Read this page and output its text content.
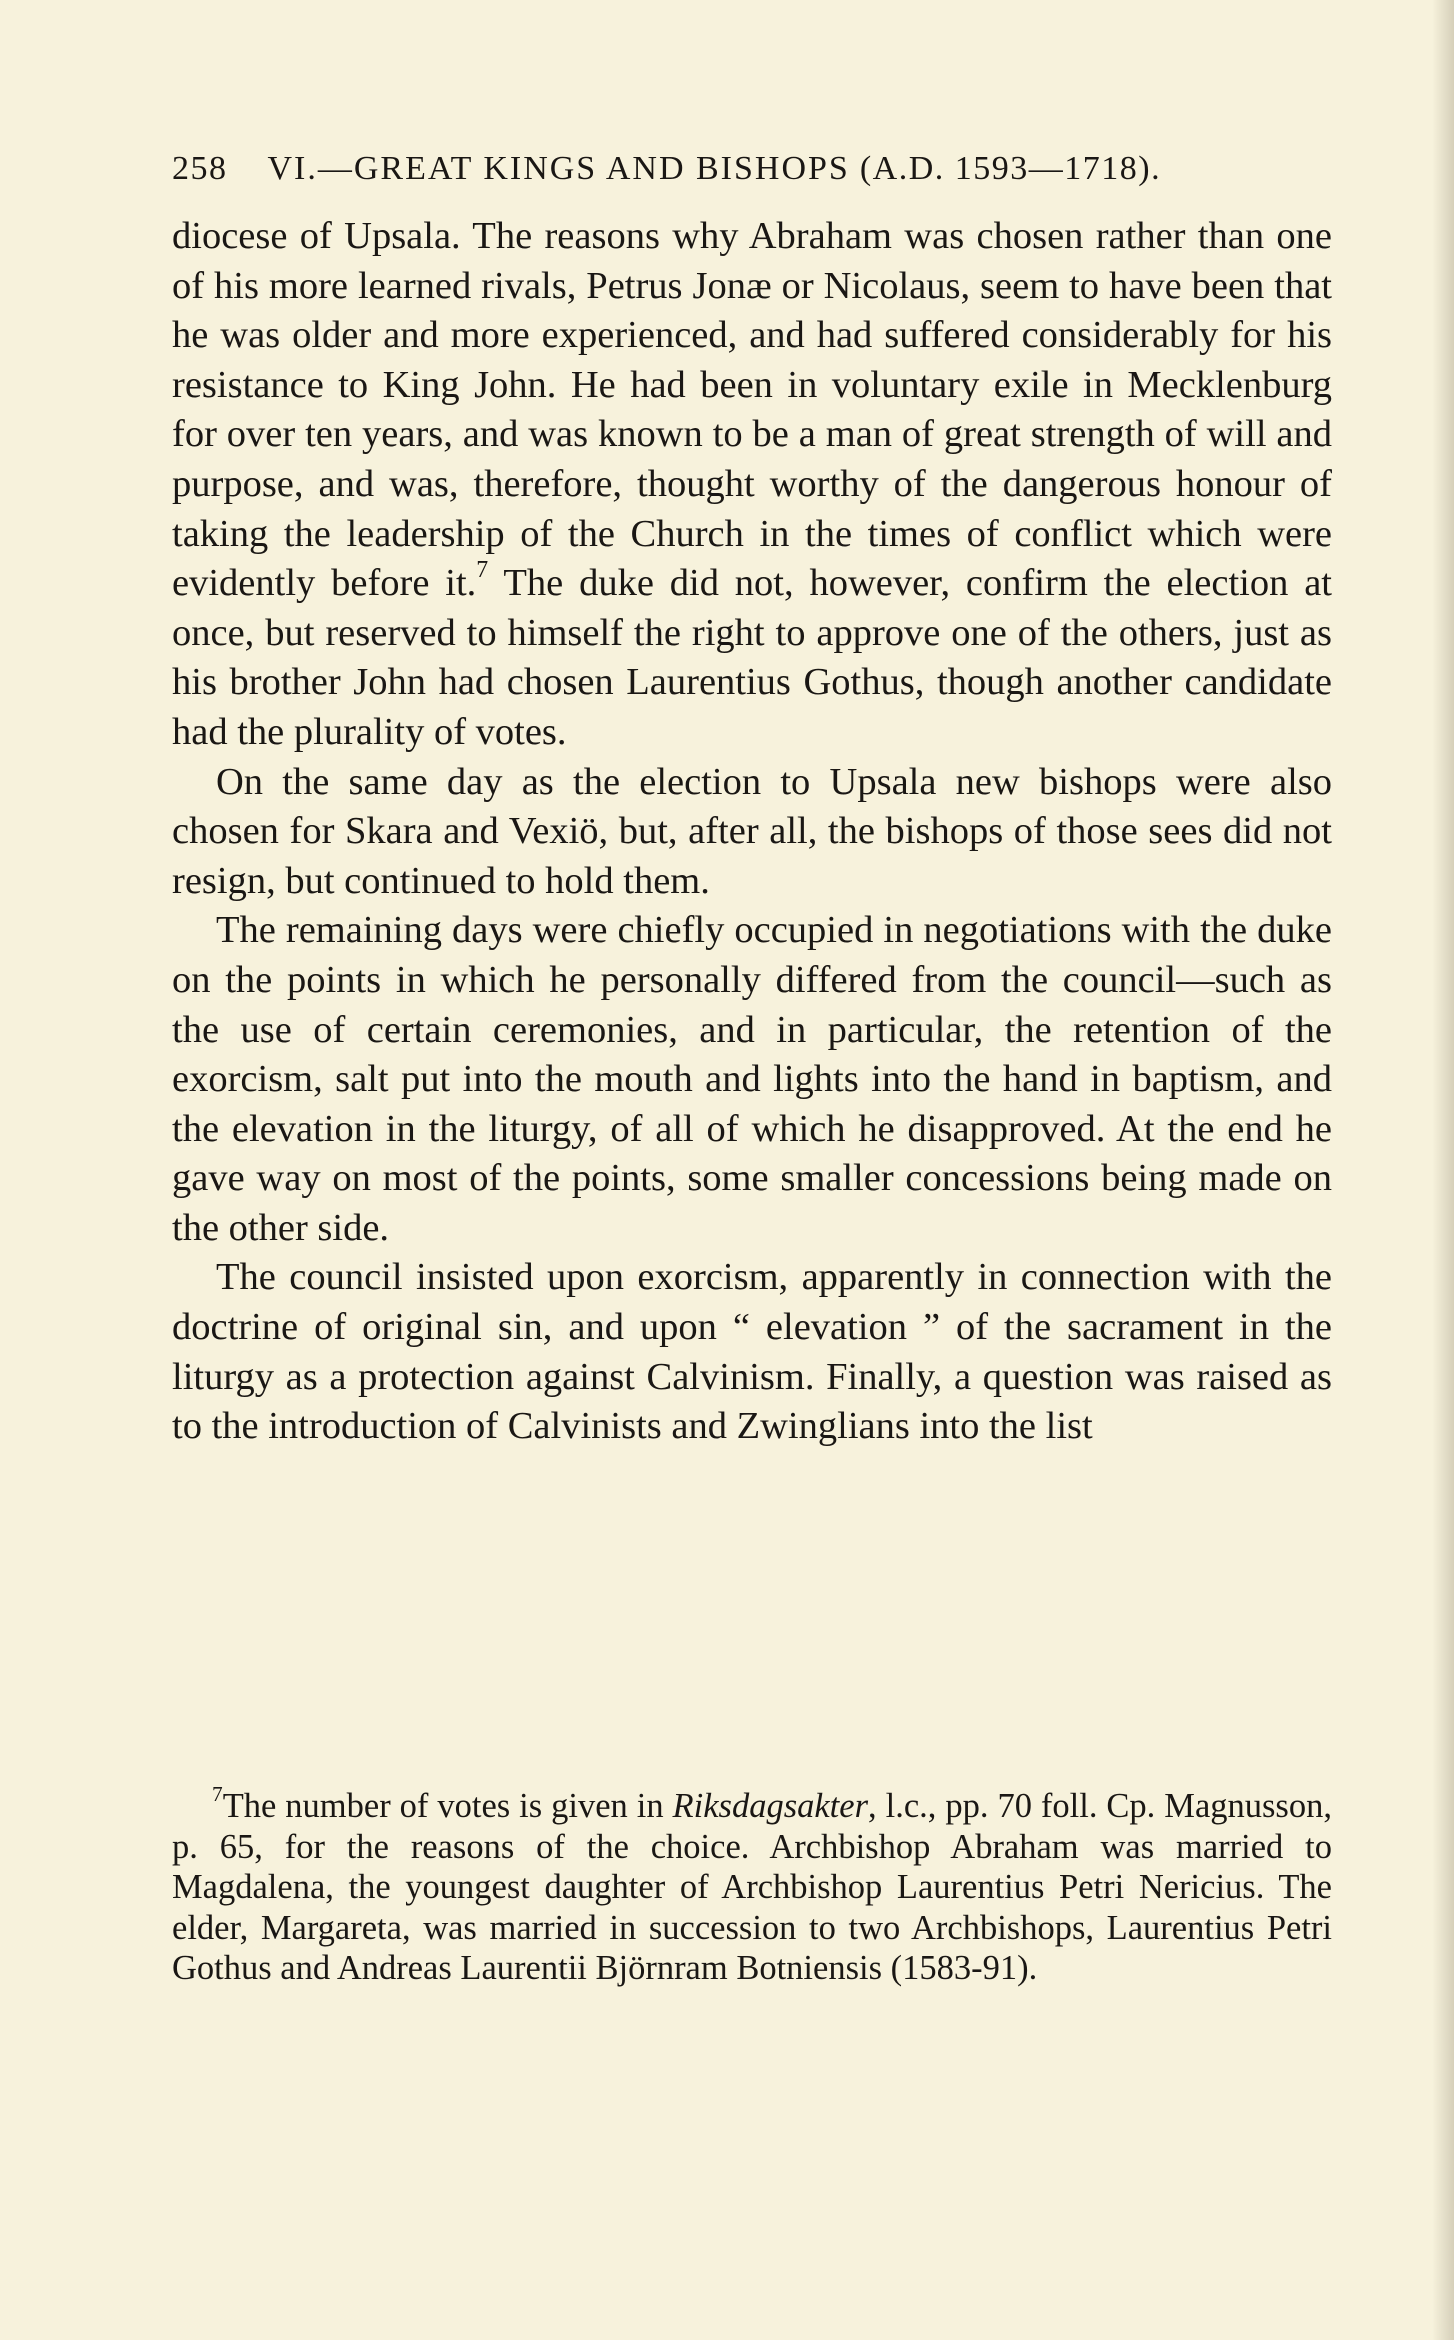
258 VI.—GREAT KINGS AND BISHOPS (A.D. 1593—1718).

diocese of Upsala. The reasons why Abraham was chosen rather than one of his more learned rivals, Petrus Jonæ or Nicolaus, seem to have been that he was older and more experienced, and had suffered considerably for his resistance to King John. He had been in voluntary exile in Mecklenburg for over ten years, and was known to be a man of great strength of will and purpose, and was, therefore, thought worthy of the dangerous honour of taking the leadership of the Church in the times of conflict which were evidently before it.$^7$ The duke did not, however, confirm the election at once, but reserved to himself the right to approve one of the others, just as his brother John had chosen Laurentius Gothus, though another candidate had the plurality of votes.

On the same day as the election to Upsala new bishops were also chosen for Skara and Vexiö, but, after all, the bishops of those sees did not resign, but continued to hold them.

The remaining days were chiefly occupied in negotiations with the duke on the points in which he personally differed from the council—such as the use of certain ceremonies, and in particular, the retention of the exorcism, salt put into the mouth and lights into the hand in baptism, and the elevation in the liturgy, of all of which he disapproved. At the end he gave way on most of the points, some smaller concessions being made on the other side.

The council insisted upon exorcism, apparently in connection with the doctrine of original sin, and upon “ elevation ” of the sacrament in the liturgy as a protection against Calvinism. Finally, a question was raised as to the introduction of Calvinists and Zwinglians into the list

$^7$The number of votes is given in Riksdagsakter, l.c., pp. 70 foll. Cp. Magnusson, p. 65, for the reasons of the choice. Archbishop Abraham was married to Magdalena, the youngest daughter of Archbishop Laurentius Petri Nericius. The elder, Margareta, was married in succession to two Archbishops, Laurentius Petri Gothus and Andreas Laurentii Björnram Botniensis (1583-91).
